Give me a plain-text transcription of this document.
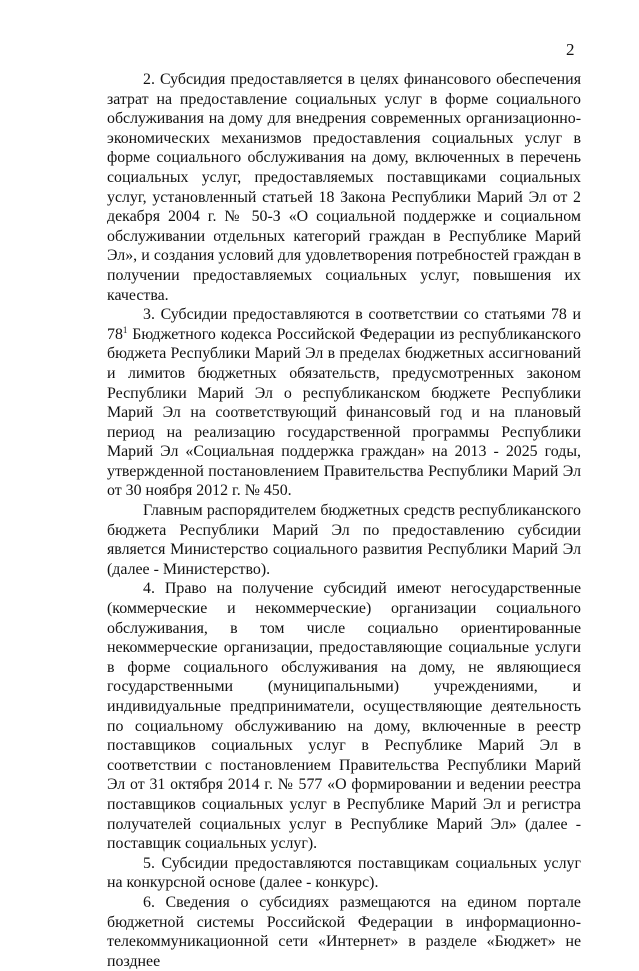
2

2. Субсидия предоставляется в целях финансового обеспечения затрат на предоставление социальных услуг в форме социального обслуживания на дому для внедрения современных организационно-экономических механизмов предоставления социальных услуг в форме социального обслуживания на дому, включенных в перечень социальных услуг, предоставляемых поставщиками социальных услуг, установленный статьей 18 Закона Республики Марий Эл от 2 декабря 2004 г. № 50-З «О социальной поддержке и социальном обслуживании отдельных категорий граждан в Республике Марий Эл», и создания условий для удовлетворения потребностей граждан в получении предоставляемых социальных услуг, повышения их качества.

3. Субсидии предоставляются в соответствии со статьями 78 и $78^1$ Бюджетного кодекса Российской Федерации из республиканского бюджета Республики Марий Эл в пределах бюджетных ассигнований и лимитов бюджетных обязательств, предусмотренных законом Республики Марий Эл о республиканском бюджете Республики Марий Эл на соответствующий финансовый год и на плановый период на реализацию государственной программы Республики Марий Эл «Социальная поддержка граждан» на 2013 - 2025 годы, утвержденной постановлением Правительства Республики Марий Эл от 30 ноября 2012 г. № 450.

Главным распорядителем бюджетных средств республиканского бюджета Республики Марий Эл по предоставлению субсидии является Министерство социального развития Республики Марий Эл (далее - Министерство).

4. Право на получение субсидий имеют негосударственные (коммерческие и некоммерческие) организации социального обслуживания, в том числе социально ориентированные некоммерческие организации, предоставляющие социальные услуги в форме социального обслуживания на дому, не являющиеся государственными (муниципальными) учреждениями, и индивидуальные предприниматели, осуществляющие деятельность по социальному обслуживанию на дому, включенные в реестр поставщиков социальных услуг в Республике Марий Эл в соответствии с постановлением Правительства Республики Марий Эл от 31 октября 2014 г. № 577 «О формировании и ведении реестра поставщиков социальных услуг в Республике Марий Эл и регистра получателей социальных услуг в Республике Марий Эл» (далее - поставщик социальных услуг).

5. Субсидии предоставляются поставщикам социальных услуг на конкурсной основе (далее - конкурс).

6. Сведения о субсидиях размещаются на едином портале бюджетной системы Российской Федерации в информационно-телекоммуникационной сети «Интернет» в разделе «Бюджет» не позднее
